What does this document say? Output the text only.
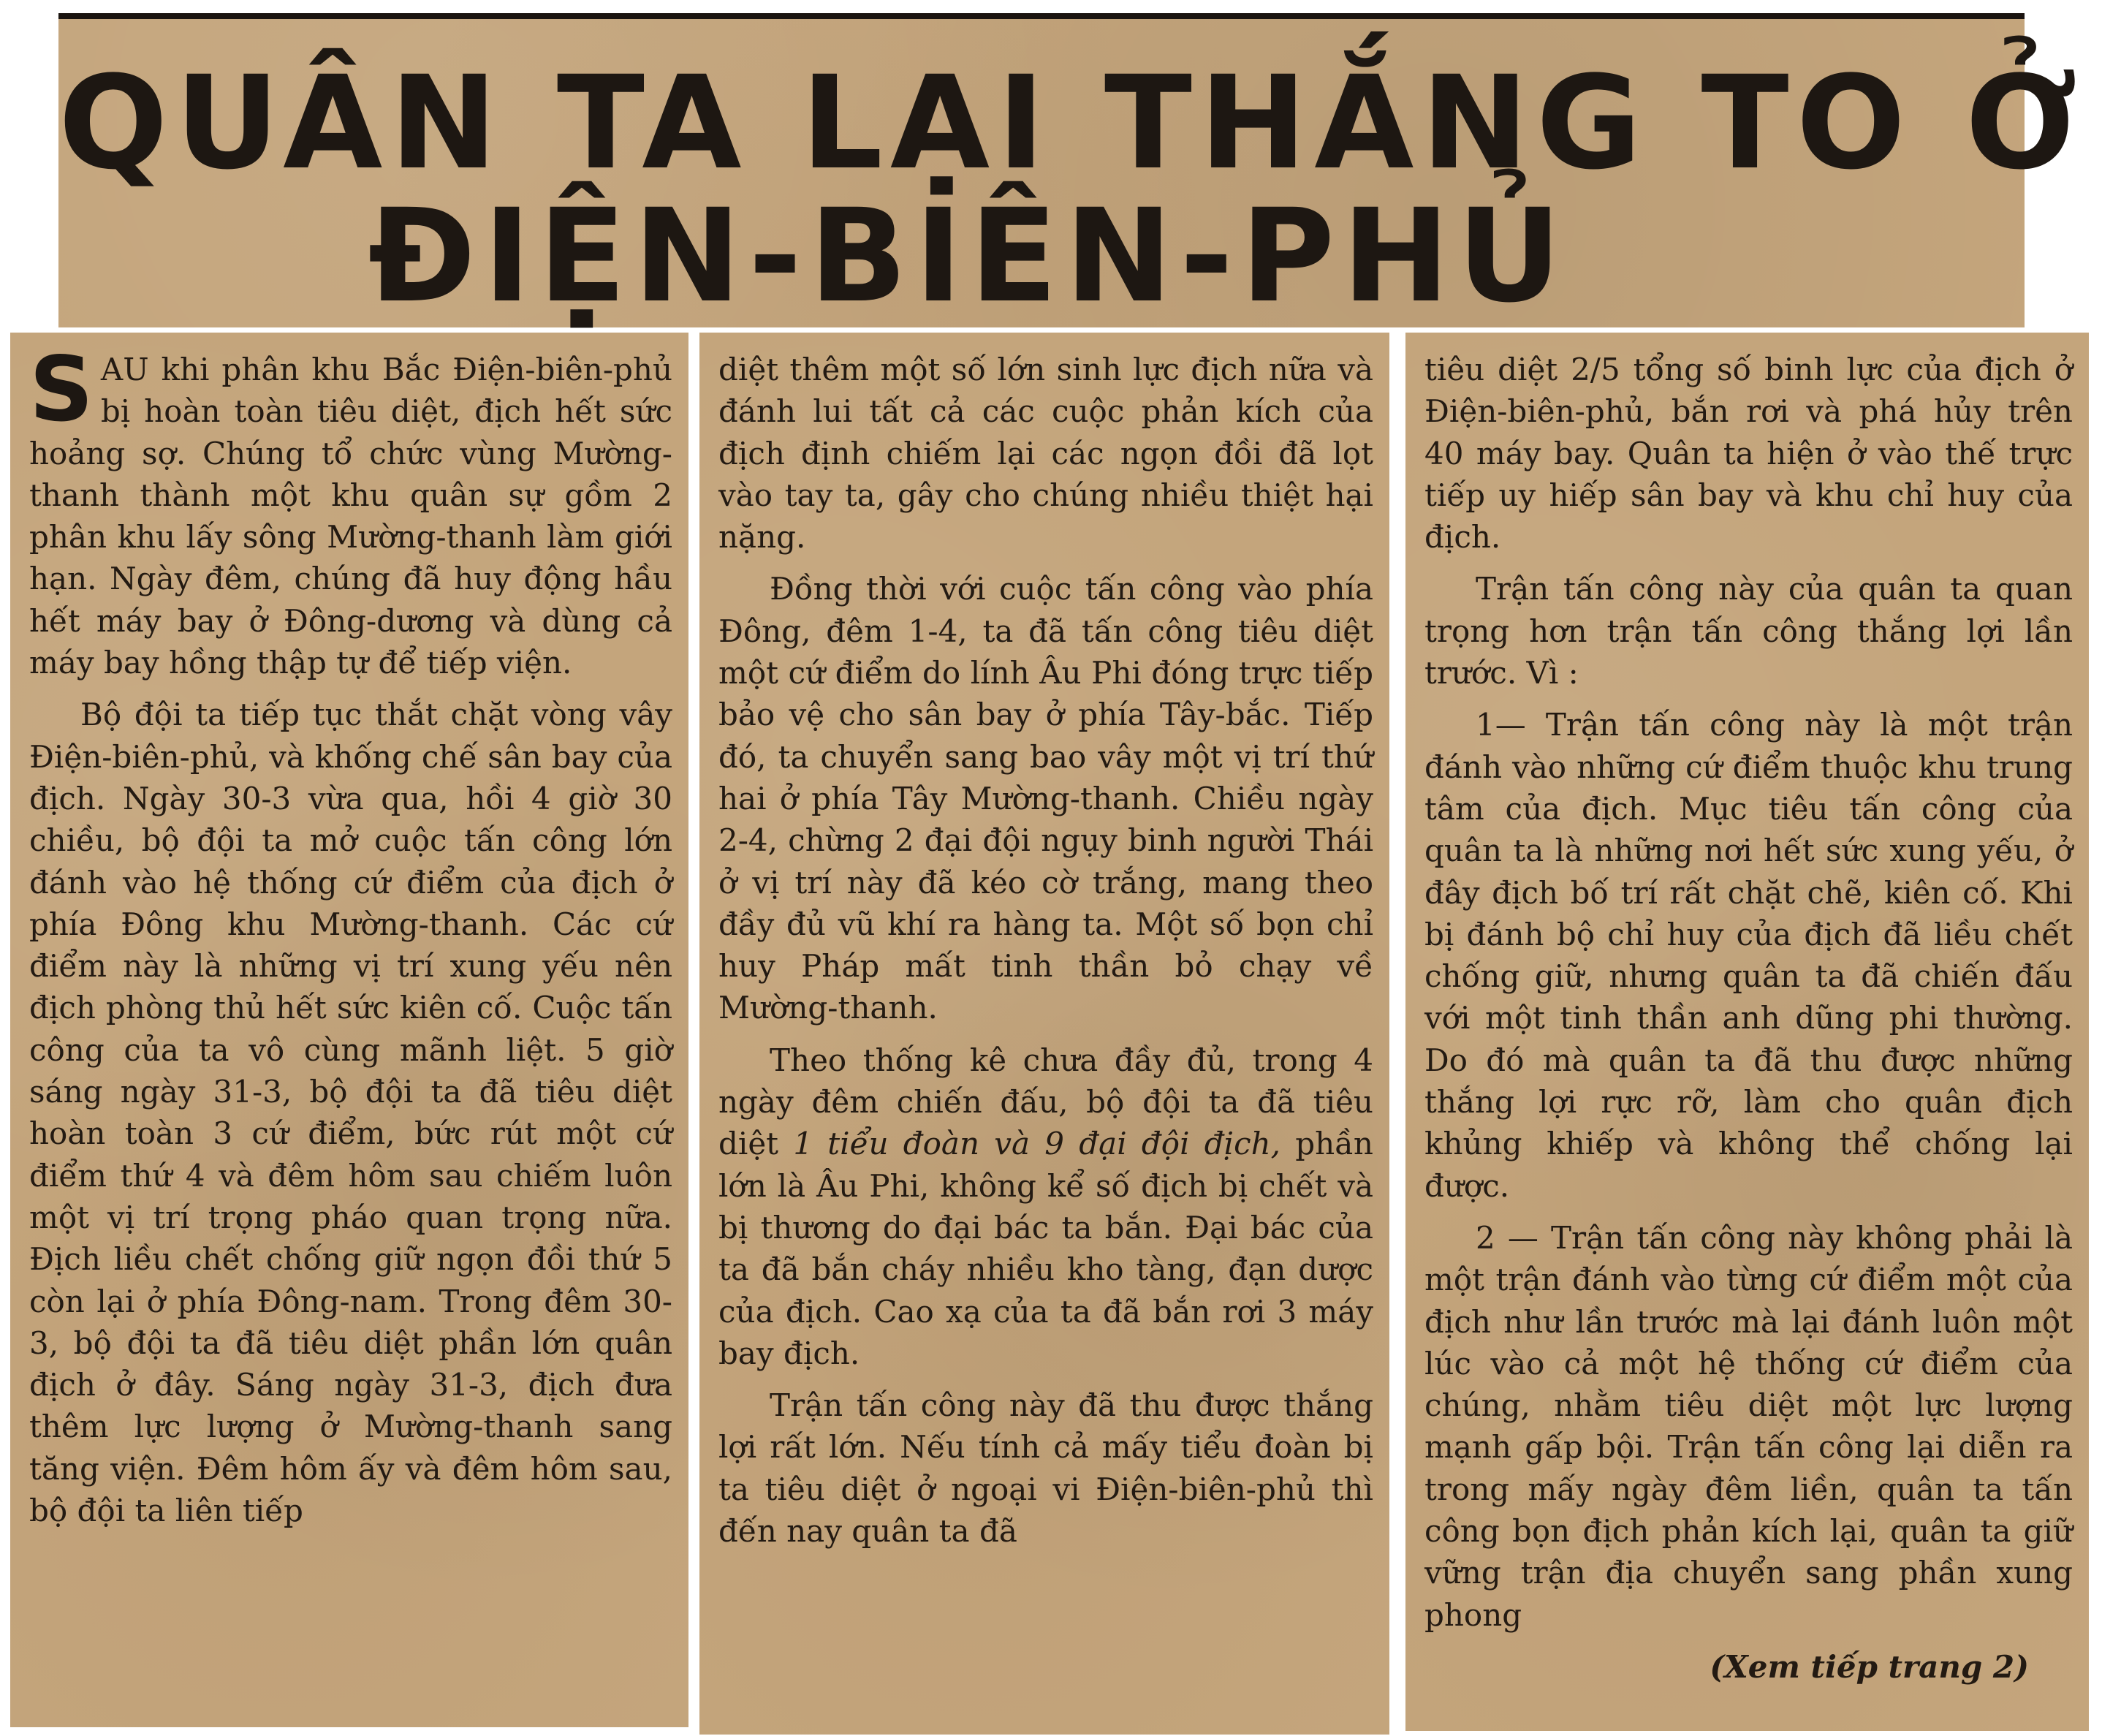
QUÂN TA LẠI THẮNG TO Ở
ĐIỆN-BIÊN-PHỦ

SAU khi phân khu Bắc Điện-biên-phủ bị hoàn toàn tiêu diệt, địch hết sức hoảng sợ. Chúng tổ chức vùng Mường-thanh thành một khu quân sự gồm 2 phân khu lấy sông Mường-thanh làm giới hạn. Ngày đêm, chúng đã huy động hầu hết máy bay ở Đông-dương và dùng cả máy bay hồng thập tự để tiếp viện.

Bộ đội ta tiếp tục thắt chặt vòng vây Điện-biên-phủ, và khống chế sân bay của địch. Ngày 30-3 vừa qua, hồi 4 giờ 30 chiều, bộ đội ta mở cuộc tấn công lớn đánh vào hệ thống cứ điểm của địch ở phía Đông khu Mường-thanh. Các cứ điểm này là những vị trí xung yếu nên địch phòng thủ hết sức kiên cố. Cuộc tấn công của ta vô cùng mãnh liệt. 5 giờ sáng ngày 31-3, bộ đội ta đã tiêu diệt hoàn toàn 3 cứ điểm, bức rút một cứ điểm thứ 4 và đêm hôm sau chiếm luôn một vị trí trọng pháo quan trọng nữa. Địch liều chết chống giữ ngọn đồi thứ 5 còn lại ở phía Đông-nam. Trong đêm 30-3, bộ đội ta đã tiêu diệt phần lớn quân địch ở đây. Sáng ngày 31-3, địch đưa thêm lực lượng ở Mường-thanh sang tăng viện. Đêm hôm ấy và đêm hôm sau, bộ đội ta liên tiếp

diệt thêm một số lớn sinh lực địch nữa và đánh lui tất cả các cuộc phản kích của địch định chiếm lại các ngọn đồi đã lọt vào tay ta, gây cho chúng nhiều thiệt hại nặng.

Đồng thời với cuộc tấn công vào phía Đông, đêm 1-4, ta đã tấn công tiêu diệt một cứ điểm do lính Âu Phi đóng trực tiếp bảo vệ cho sân bay ở phía Tây-bắc. Tiếp đó, ta chuyển sang bao vây một vị trí thứ hai ở phía Tây Mường-thanh. Chiều ngày 2-4, chừng 2 đại đội ngụy binh người Thái ở vị trí này đã kéo cờ trắng, mang theo đầy đủ vũ khí ra hàng ta. Một số bọn chỉ huy Pháp mất tinh thần bỏ chạy về Mường-thanh.

Theo thống kê chưa đầy đủ, trong 4 ngày đêm chiến đấu, bộ đội ta đã tiêu diệt 1 tiểu đoàn và 9 đại đội địch, phần lớn là Âu Phi, không kể số địch bị chết và bị thương do đại bác ta bắn. Đại bác của ta đã bắn cháy nhiều kho tàng, đạn dược của địch. Cao xạ của ta đã bắn rơi 3 máy bay địch.

Trận tấn công này đã thu được thắng lợi rất lớn. Nếu tính cả mấy tiểu đoàn bị ta tiêu diệt ở ngoại vi Điện-biên-phủ thì đến nay quân ta đã

tiêu diệt 2/5 tổng số binh lực của địch ở Điện-biên-phủ, bắn rơi và phá hủy trên 40 máy bay. Quân ta hiện ở vào thế trực tiếp uy hiếp sân bay và khu chỉ huy của địch.

Trận tấn công này của quân ta quan trọng hơn trận tấn công thắng lợi lần trước. Vì :

1— Trận tấn công này là một trận đánh vào những cứ điểm thuộc khu trung tâm của địch. Mục tiêu tấn công của quân ta là những nơi hết sức xung yếu, ở đây địch bố trí rất chặt chẽ, kiên cố. Khi bị đánh bộ chỉ huy của địch đã liều chết chống giữ, nhưng quân ta đã chiến đấu với một tinh thần anh dũng phi thường. Do đó mà quân ta đã thu được những thắng lợi rực rỡ, làm cho quân địch khủng khiếp và không thể chống lại được.

2 — Trận tấn công này không phải là một trận đánh vào từng cứ điểm một của địch như lần trước mà lại đánh luôn một lúc vào cả một hệ thống cứ điểm của chúng, nhằm tiêu diệt một lực lượng mạnh gấp bội. Trận tấn công lại diễn ra trong mấy ngày đêm liền, quân ta tấn công bọn địch phản kích lại, quân ta giữ vững trận địa chuyển sang phần xung phong

(Xem tiếp trang 2)
